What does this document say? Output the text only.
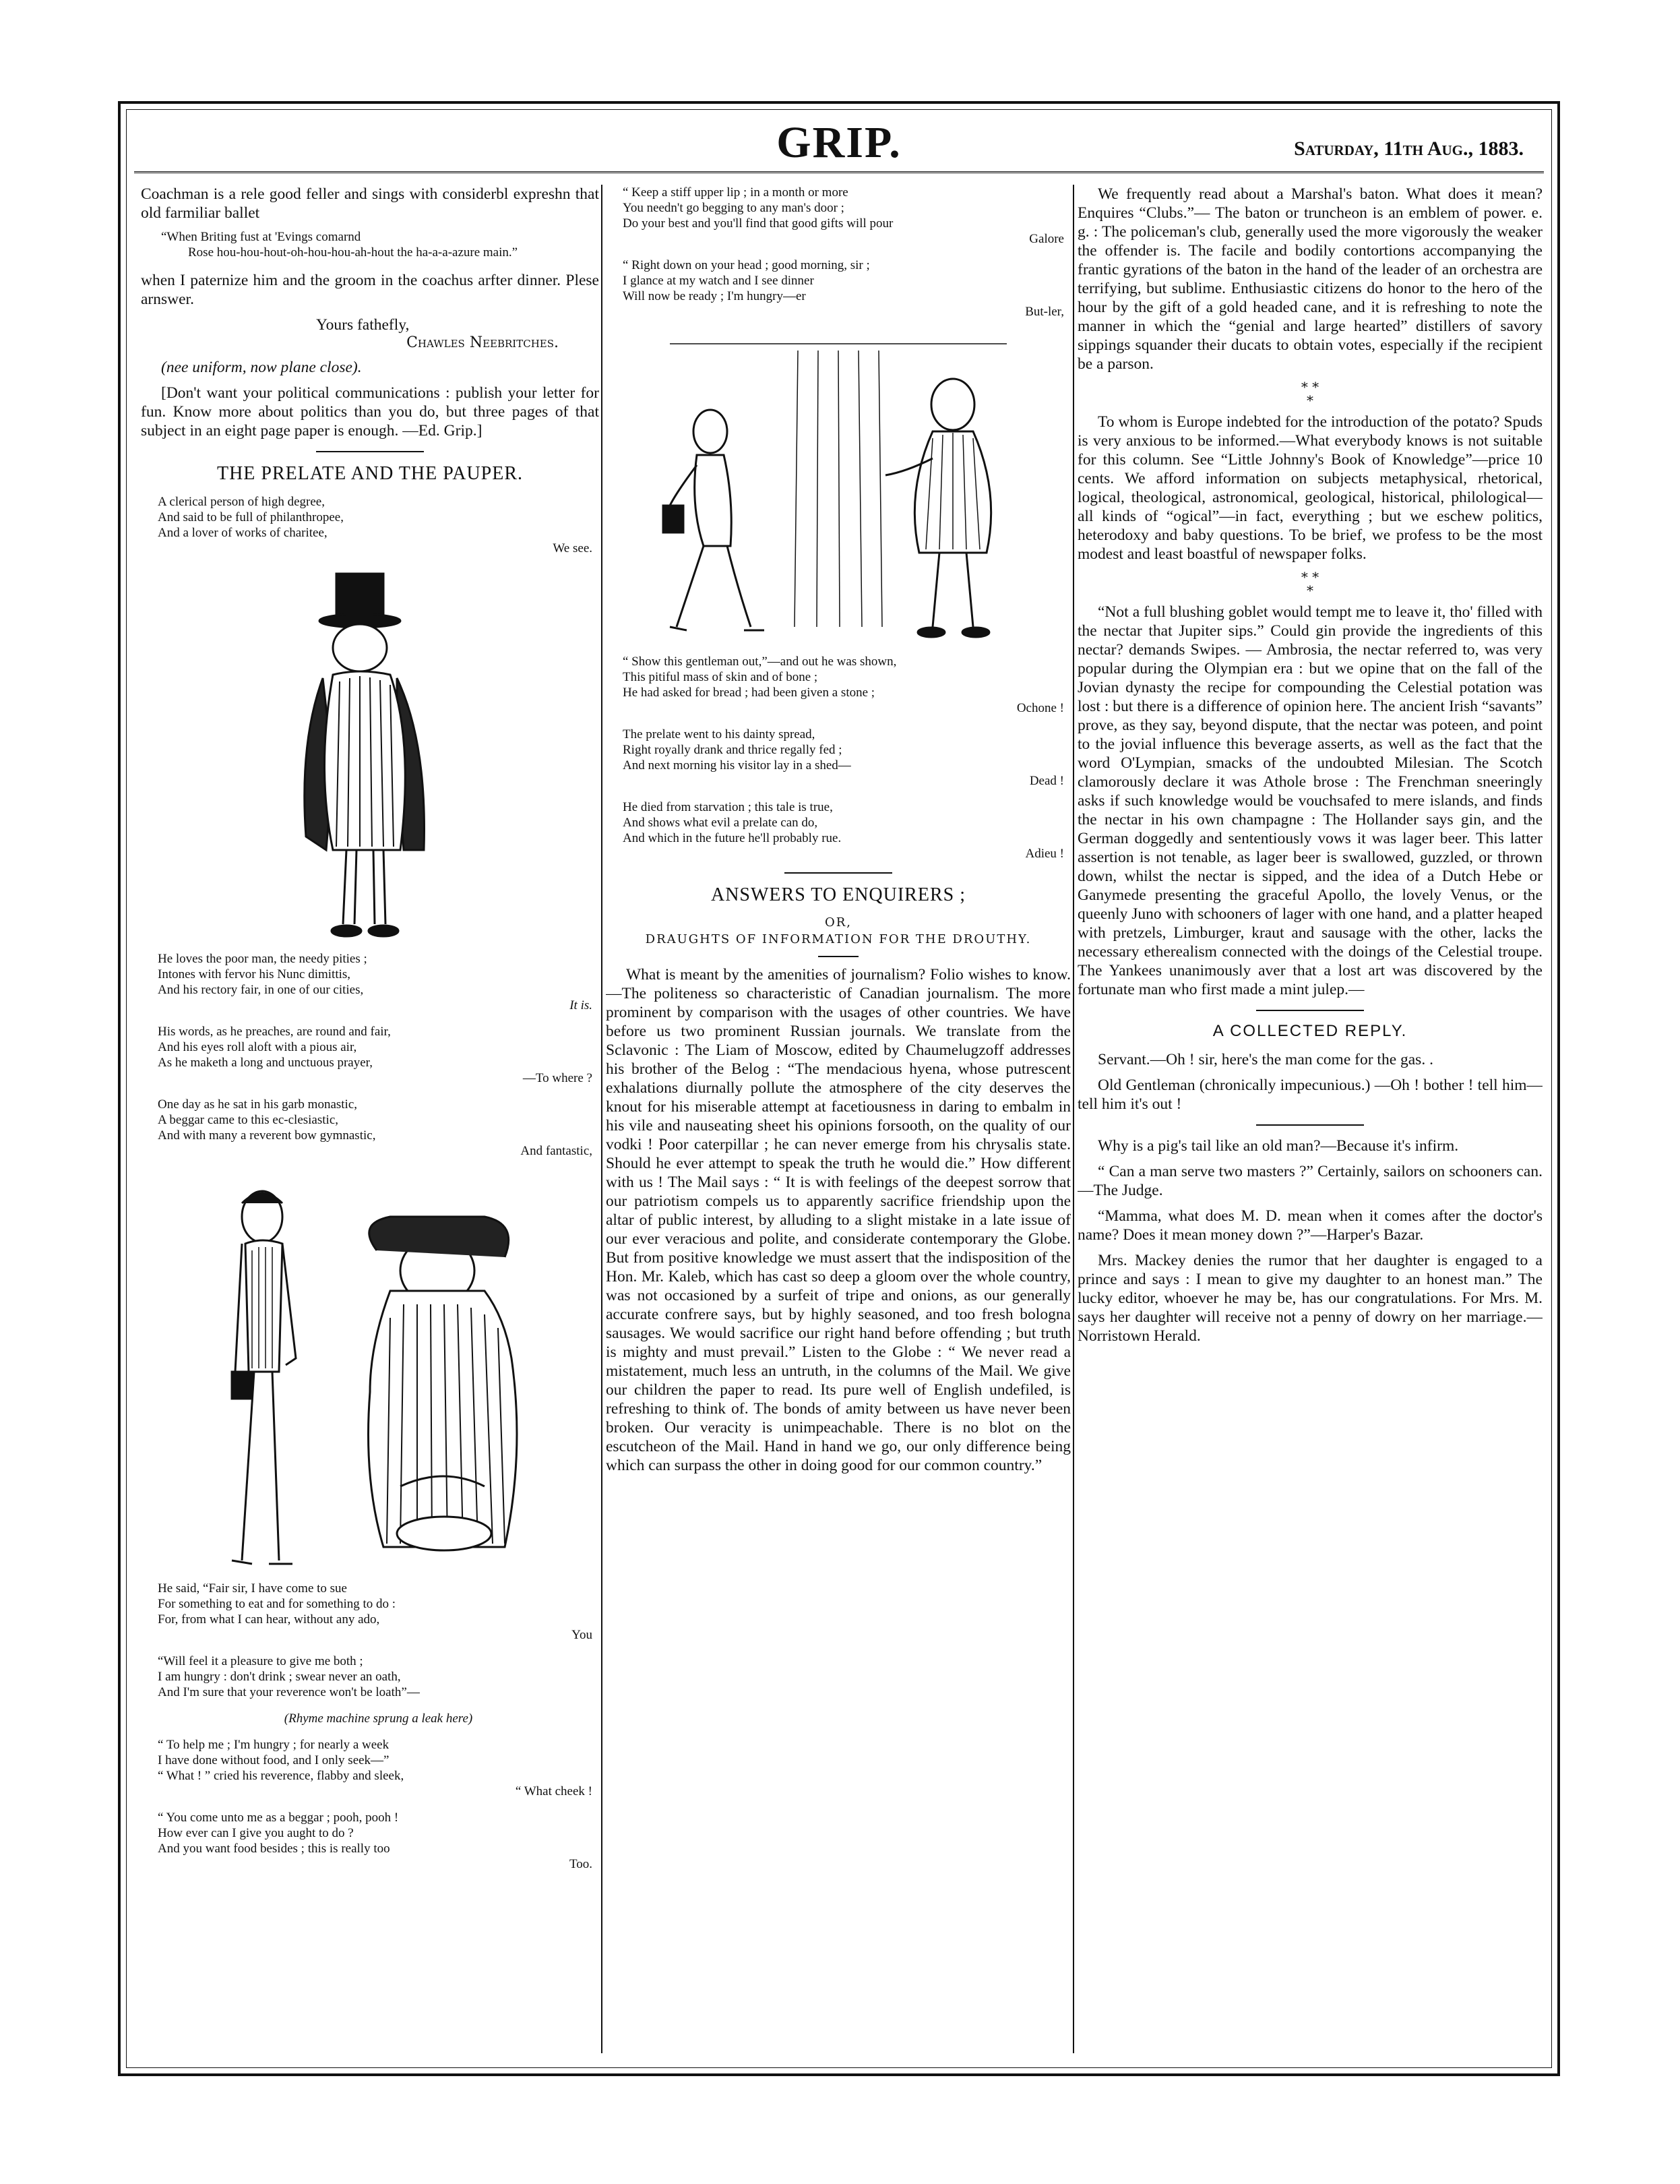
GRIP.	Saturday, 11th Aug., 1883.

Coachman is a rele good feller and sings with considerbl expreshn that old farmiliar ballet

“When Briting fust at 'Evings comarnd

Rose hou-hou-hout-oh-hou-hou-ah-hout the ha-a-a-azure main.”

when I paternize him and the groom in the coachus arfter dinner. Plese arnswer.

Yours fathefly,

Chawles Neebritches.

(nee uniform, now plane close).

[Don't want your political communications : publish your letter for fun. Know more about politics than you do, but three pages of that subject in an eight page paper is enough. —Ed. Grip.]

THE PRELATE AND THE PAUPER.

A clerical person of high degree,

And said to be full of philanthropee,

And a lover of works of charitee,

We see.

He loves the poor man, the needy pities ;

Intones with fervor his Nunc dimittis,

And his rectory fair, in one of our cities,

It is.

His words, as he preaches, are round and fair,

And his eyes roll aloft with a pious air,

As he maketh a long and unctuous prayer,

—To where ?

One day as he sat in his garb monastic,

A beggar came to this ec-clesiastic,

And with many a reverent bow gymnastic,

And fantastic,

He said, “Fair sir, I have come to sue

For something to eat and for something to do :

For, from what I can hear, without any ado,

You

“Will feel it a pleasure to give me both ;

I am hungry : don't drink ; swear never an oath,

And I'm sure that your reverence won't be loath”—

(Rhyme machine sprung a leak here)

“ To help me ; I'm hungry ; for nearly a week

I have done without food, and I only seek—”

“ What ! ” cried his reverence, flabby and sleek,

“ What cheek !

“ You come unto me as a beggar ; pooh, pooh !

How ever can I give you aught to do ?

And you want food besides ; this is really too

Too.

“ Keep a stiff upper lip ; in a month or more

You needn't go begging to any man's door ;

Do your best and you'll find that good gifts will pour

Galore

“ Right down on your head ; good morning, sir ;

I glance at my watch and I see dinner

Will now be ready ; I'm hungry—er

But-ler,

“ Show this gentleman out,”—and out he was shown,

This pitiful mass of skin and of bone ;

He had asked for bread ; had been given a stone ;

Ochone !

The prelate went to his dainty spread,

Right royally drank and thrice regally fed ;

And next morning his visitor lay in a shed—

Dead !

He died from starvation ; this tale is true,

And shows what evil a prelate can do,

And which in the future he'll probably rue.

Adieu !

ANSWERS TO ENQUIRERS ;
OR,
DRAUGHTS OF INFORMATION FOR THE DROUTHY.

What is meant by the amenities of journalism? Folio wishes to know.—The politeness so characteristic of Canadian journalism. The more prominent by comparison with the usages of other countries. We have before us two prominent Russian journals. We translate from the Sclavonic : The Liam of Moscow, edited by Chaumelugzoff addresses his brother of the Belog : “The mendacious hyena, whose putrescent exhalations diurnally pollute the atmosphere of the city deserves the knout for his miserable attempt at facetiousness in daring to embalm in his vile and nauseating sheet his opinions forsooth, on the quality of our vodki ! Poor caterpillar ; he can never emerge from his chrysalis state. Should he ever attempt to speak the truth he would die.” How different with us ! The Mail says : “ It is with feelings of the deepest sorrow that our patriotism compels us to apparently sacrifice friendship upon the altar of public interest, by alluding to a slight mistake in a late issue of our ever veracious and polite, and considerate contemporary the Globe. But from positive knowledge we must assert that the indisposition of the Hon. Mr. Kaleb, which has cast so deep a gloom over the whole country, was not occasioned by a surfeit of tripe and onions, as our generally accurate confrere says, but by highly seasoned, and too fresh bologna sausages. We would sacrifice our right hand before offending ; but truth is mighty and must prevail.” Listen to the Globe : “ We never read a mistatement, much less an untruth, in the columns of the Mail. We give our children the paper to read. Its pure well of English undefiled, is refreshing to think of. The bonds of amity between us have never been broken. Our veracity is unimpeachable. There is no blot on the escutcheon of the Mail. Hand in hand we go, our only difference being which can surpass the other in doing good for our common country.”

We frequently read about a Marshal's baton. What does it mean? Enquires “Clubs.”— The baton or truncheon is an emblem of power. e. g. : The policeman's club, generally used the more vigorously the weaker the offender is. The facile and bodily contortions accompanying the frantic gyrations of the baton in the hand of the leader of an orchestra are terrifying, but sublime. Enthusiastic citizens do honor to the hero of the hour by the gift of a gold headed cane, and it is refreshing to note the manner in which the “genial and large hearted” distillers of savory sippings squander their ducats to obtain votes, especially if the recipient be a parson.

* *
*

To whom is Europe indebted for the introduction of the potato? Spuds is very anxious to be informed.—What everybody knows is not suitable for this column. See “Little Johnny's Book of Knowledge”—price 10 cents. We afford information on subjects metaphysical, rhetorical, logical, theological, astronomical, geological, historical, philological—all kinds of “ogical”—in fact, everything ; but we eschew politics, heterodoxy and baby questions. To be brief, we profess to be the most modest and least boastful of newspaper folks.

* *
*

“Not a full blushing goblet would tempt me to leave it, tho' filled with the nectar that Jupiter sips.” Could gin provide the ingredients of this nectar? demands Swipes. — Ambrosia, the nectar referred to, was very popular during the Olympian era : but we opine that on the fall of the Jovian dynasty the recipe for compounding the Celestial potation was lost : but there is a difference of opinion here. The ancient Irish “savants” prove, as they say, beyond dispute, that the nectar was poteen, and point to the jovial influence this beverage asserts, as well as the fact that the word O'Lympian, smacks of the undoubted Milesian. The Scotch clamorously declare it was Athole brose : The Frenchman sneeringly asks if such knowledge would be vouchsafed to mere islands, and finds the nectar in his own champagne : The Hollander says gin, and the German doggedly and sententiously vows it was lager beer. This latter assertion is not tenable, as lager beer is swallowed, guzzled, or thrown down, whilst the nectar is sipped, and the idea of a Dutch Hebe or Ganymede presenting the graceful Apollo, the lovely Venus, or the queenly Juno with schooners of lager with one hand, and a platter heaped with pretzels, Limburger, kraut and sausage with the other, lacks the necessary etherealism connected with the doings of the Celestial troupe. The Yankees unanimously aver that a lost art was discovered by the fortunate man who first made a mint julep.—

A COLLECTED REPLY.

Servant.—Oh ! sir, here's the man come for the gas. .

Old Gentleman (chronically impecunious.) —Oh ! bother ! tell him—tell him it's out !

Why is a pig's tail like an old man?—Because it's infirm.

“ Can a man serve two masters ?” Certainly, sailors on schooners can.—The Judge.

“Mamma, what does M. D. mean when it comes after the doctor's name? Does it mean money down ?”—Harper's Bazar.

Mrs. Mackey denies the rumor that her daughter is engaged to a prince and says : I mean to give my daughter to an honest man.” The lucky editor, whoever he may be, has our congratulations. For Mrs. M. says her daughter will receive not a penny of dowry on her marriage.—Norristown Herald.
